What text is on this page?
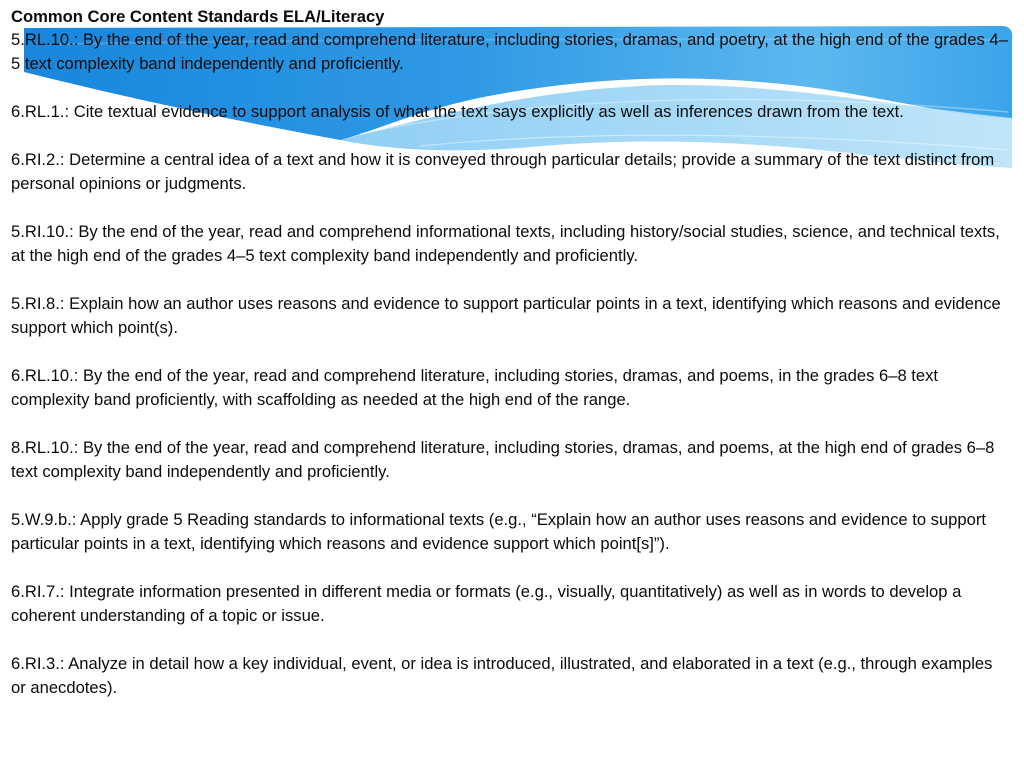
Common Core Content Standards ELA/Literacy

5.RL.10.: By the end of the year, read and comprehend literature, including stories, dramas, and poetry, at the high end of the grades 4–5 text complexity band independently and proficiently.

6.RL.1.: Cite textual evidence to support analysis of what the text says explicitly as well as inferences drawn from the text.

6.RI.2.: Determine a central idea of a text and how it is conveyed through particular details; provide a summary of the text distinct from personal opinions or judgments.

5.RI.10.: By the end of the year, read and comprehend informational texts, including history/social studies, science, and technical texts, at the high end of the grades 4–5 text complexity band independently and proficiently.

5.RI.8.: Explain how an author uses reasons and evidence to support particular points in a text, identifying which reasons and evidence support which point(s).

6.RL.10.: By the end of the year, read and comprehend literature, including stories, dramas, and poems, in the grades 6–8 text complexity band proficiently, with scaffolding as needed at the high end of the range.

8.RL.10.: By the end of the year, read and comprehend literature, including stories, dramas, and poems, at the high end of grades 6–8 text complexity band independently and proficiently.

5.W.9.b.: Apply grade 5 Reading standards to informational texts (e.g., “Explain how an author uses reasons and evidence to support particular points in a text, identifying which reasons and evidence support which point[s]”).

6.RI.7.: Integrate information presented in different media or formats (e.g., visually, quantitatively) as well as in words to develop a coherent understanding of a topic or issue.

6.RI.3.: Analyze in detail how a key individual, event, or idea is introduced, illustrated, and elaborated in a text (e.g., through examples or anecdotes).
